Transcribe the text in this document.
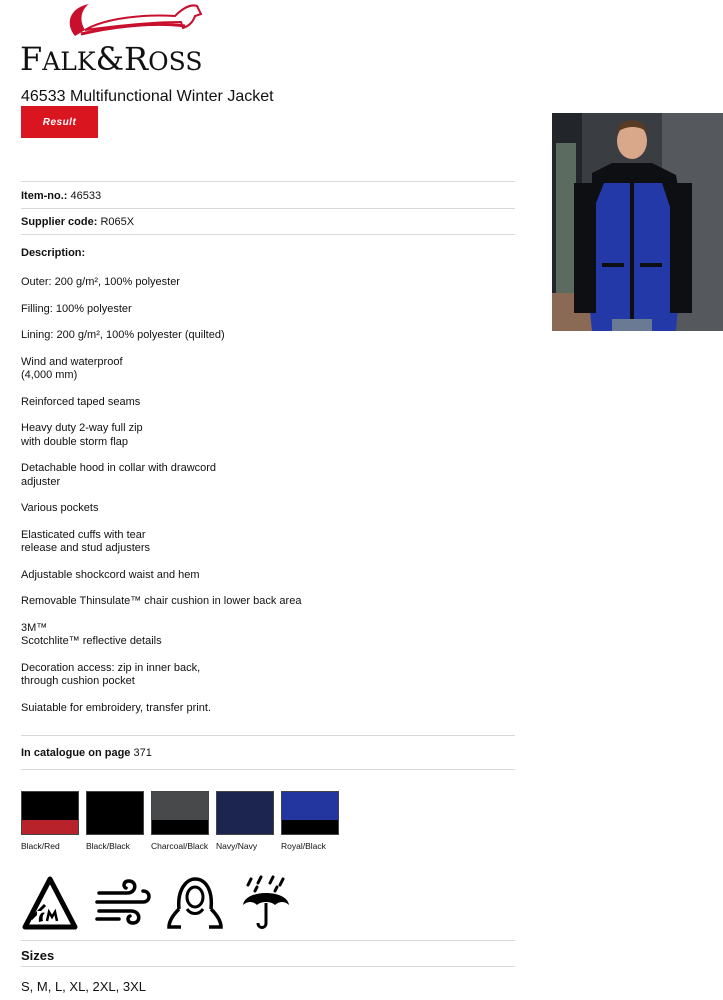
FALK&ROSS
46533 Multifunctional Winter Jacket
Result
Item-no.: 46533
Supplier code: R065X
Description:

Outer: 200 g/m², 100% polyester

Filling: 100% polyester

Lining: 200 g/m², 100% polyester (quilted)

Wind and waterproof
(4,000 mm)

Reinforced taped seams

Heavy duty 2-way full zip
with double storm flap

Detachable hood in collar with drawcord
adjuster

Various pockets

Elasticated cuffs with tear
release and stud adjusters

Adjustable shockcord waist and hem

Removable Thinsulate™ chair cushion in lower back area

3M™
Scotchlite™ reflective details

Decoration access: zip in inner back,
through cushion pocket

Suiatable for embroidery, transfer print.

In catalogue on page 371
Black/Red	Black/Black	Charcoal/Black Navy/Navy	Royal/Black
Sizes
S, M, L, XL, 2XL, 3XL
